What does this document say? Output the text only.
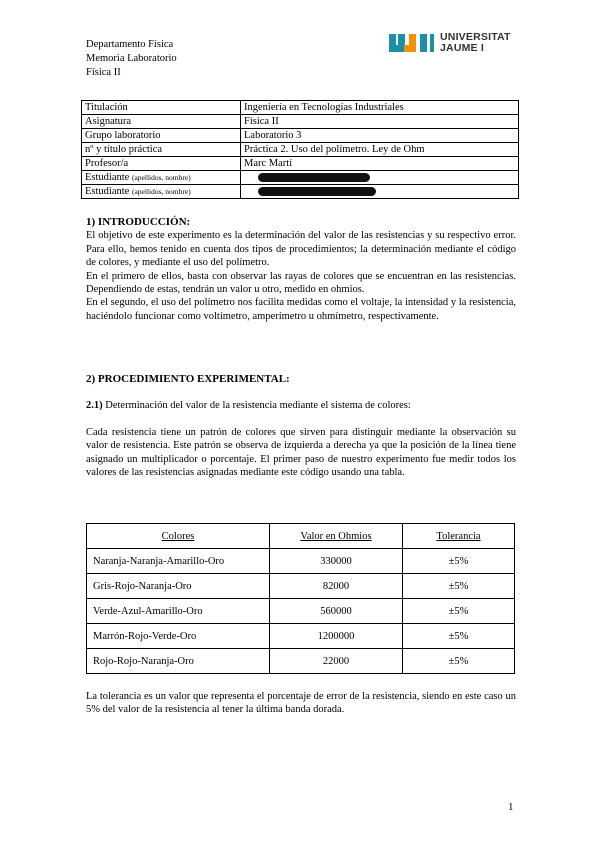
Departamento Física
Memoria Laboratorio
Física II
UNIVERSITAT
JAUME I
Titulación	Ingeniería en Tecnologías Industriales
Asignatura	Física II
Grupo laboratorio	Laboratorio 3
nº y título práctica	Práctica 2. Uso del polímetro. Ley de Ohm
Profesor/a	Marc Martí
Estudiante (apellidos, nombre)	
Estudiante (apellidos, nombre)	
1) INTRODUCCIÓN:
El objetivo de este experimento es la determinación del valor de las resistencias y su respectivo error. Para ello, hemos tenido en cuenta dos tipos de procedimientos; la determinación mediante el código de colores, y mediante el uso del polímetro.
En el primero de ellos, basta con observar las rayas de colores que se encuentran en las resistencias. Dependiendo de estas, tendrán un valor u otro, medido en ohmios.
En el segundo, el uso del polímetro nos facilita medidas como el voltaje, la intensidad y la resistencia, haciéndolo funcionar como voltímetro, amperímetro u ohmímetro, respectivamente.
2) PROCEDIMIENTO EXPERIMENTAL:
2.1) Determinación del valor de la resistencia mediante el sistema de colores:
Cada resistencia tiene un patrón de colores que sirven para distinguir mediante la observación su valor de resistencia. Este patrón se observa de izquierda a derecha ya que la posición de la línea tiene asignado un multiplicador o porcentaje. El primer paso de nuestro experimento fue medir todos los valores de las resistencias asignadas mediante este código usando una tabla.
Colores	Valor en Ohmios	Tolerancia
Naranja-Naranja-Amarillo-Oro	330000	±5%
Gris-Rojo-Naranja-Oro	82000	±5%
Verde-Azul-Amarillo-Oro	560000	±5%
Marrón-Rojo-Verde-Oro	1200000	±5%
Rojo-Rojo-Naranja-Oro	22000	±5%
La tolerancia es un valor que representa el porcentaje de error de la resistencia, siendo en este caso un 5% del valor de la resistencia al tener la última banda dorada.
1
